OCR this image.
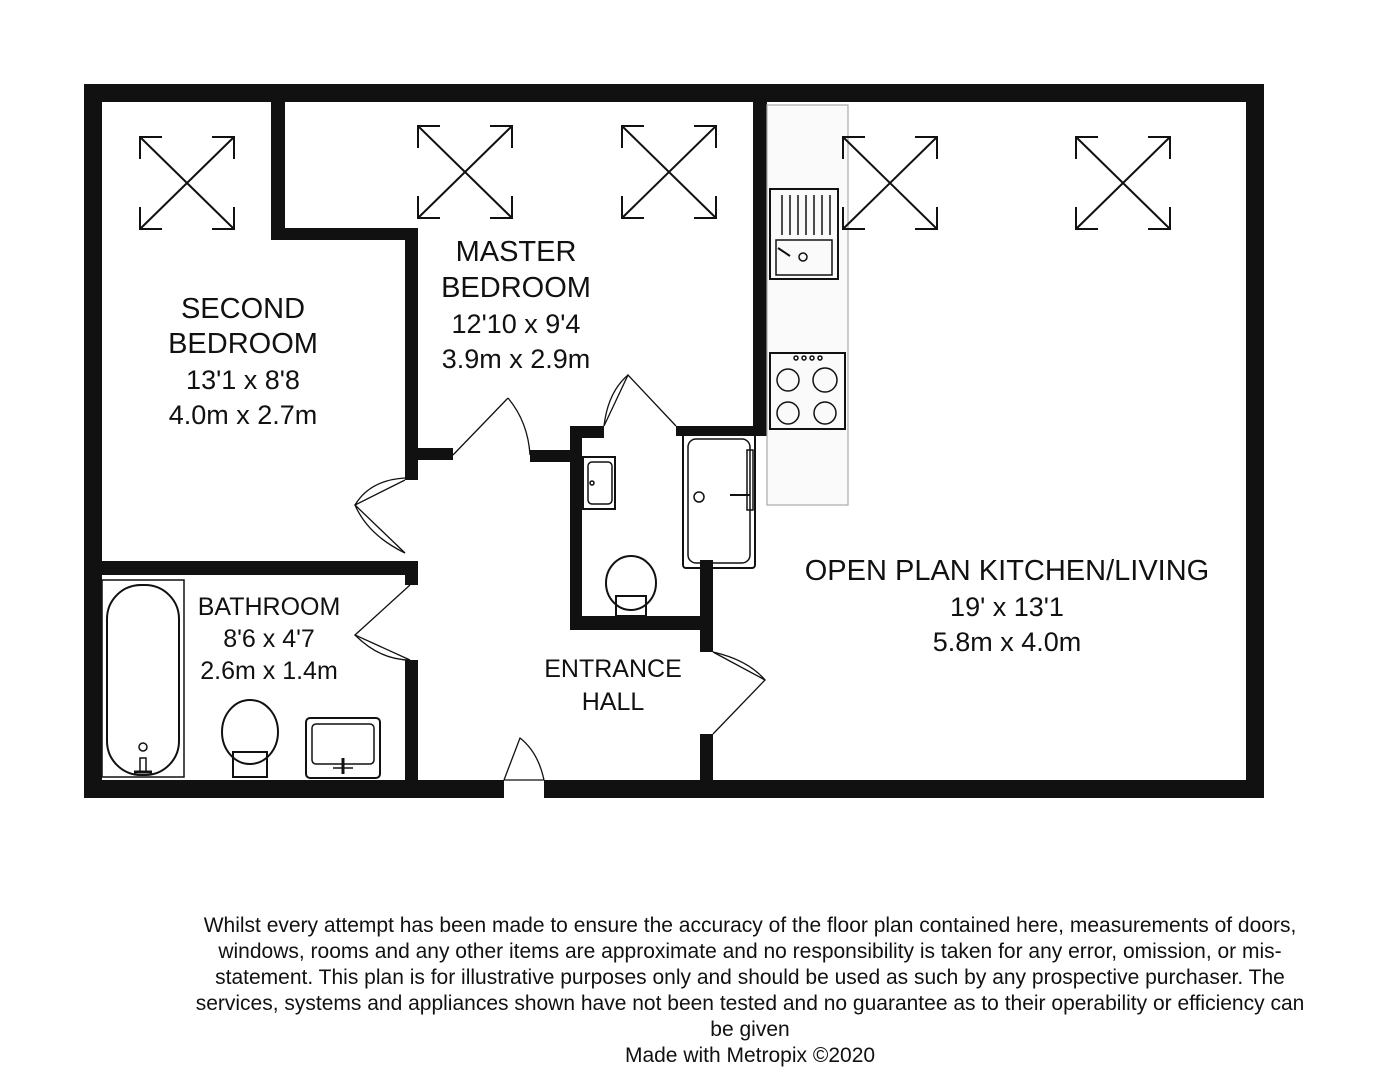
SECOND
BEDROOM
13'1 x 8'8
4.0m x 2.7m
MASTER
BEDROOM
12'10 x 9'4
3.9m x 2.9m
BATHROOM
8'6 x 4'7
2.6m x 1.4m	ENTRANCE
HALL
OPEN PLAN KITCHEN/LIVING
19' x 13'1
5.8m x 4.0m

Whilst every attempt has been made to ensure the accuracy of the floor plan contained here, measurements of doors, windows, rooms and any other items are approximate and no responsibility is taken for any error, omission, or mis-statement. This plan is for illustrative purposes only and should be used as such by any prospective purchaser. The services, systems and appliances shown have not been tested and no guarantee as to their operability or efficiency can be given

Made with Metropix ©2020
